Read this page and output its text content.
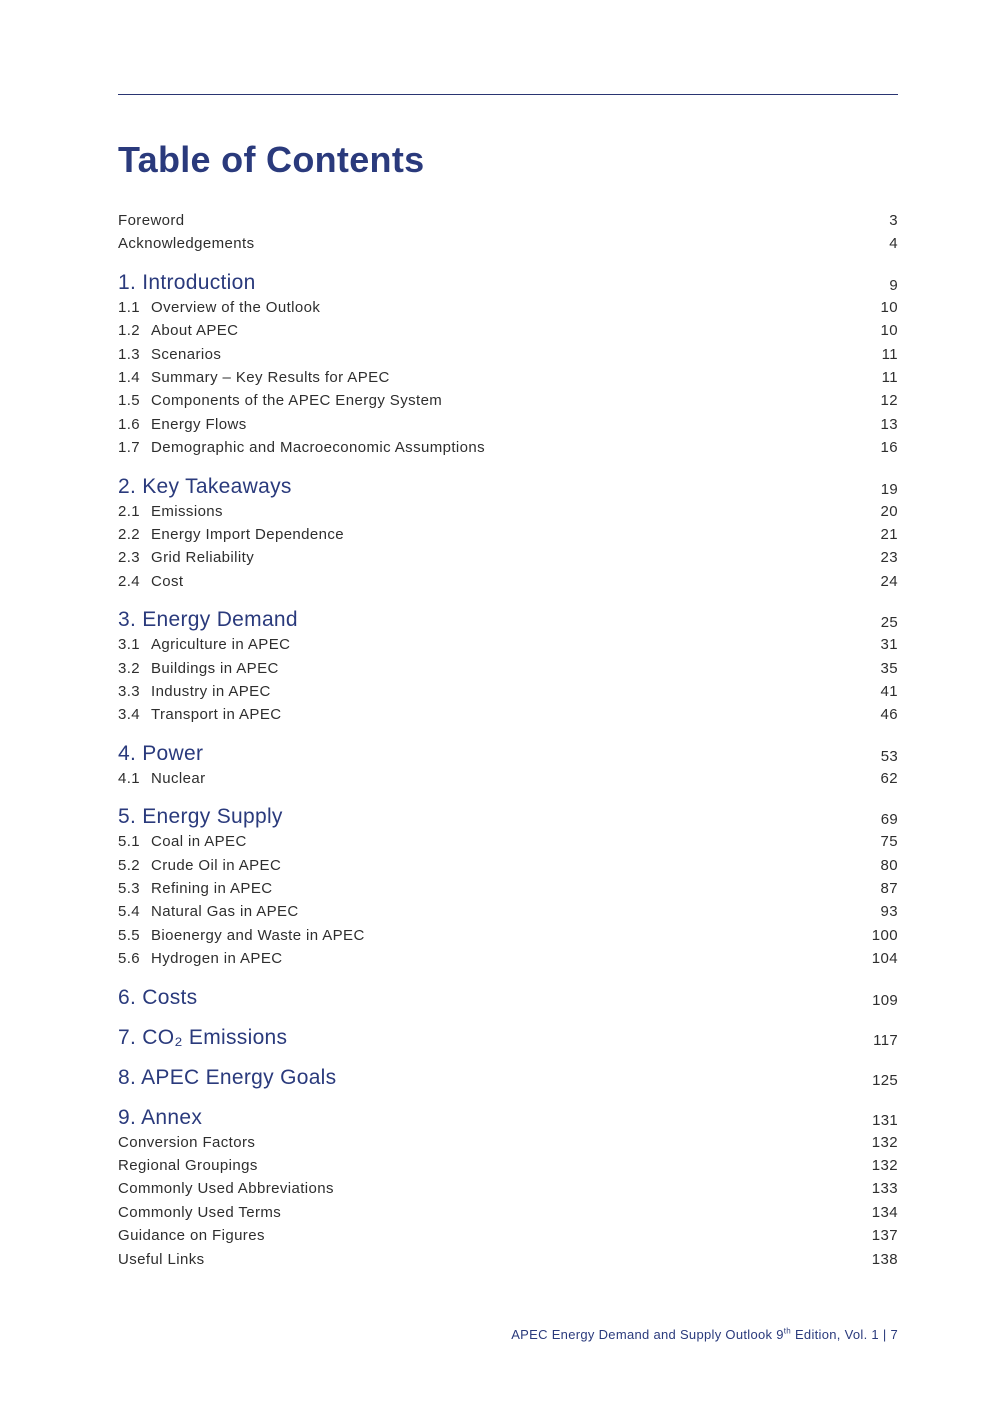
Table of Contents
Foreword	3
Acknowledgements	4
1. Introduction	9
1.1 Overview of the Outlook	10
1.2 About APEC	10
1.3 Scenarios	11
1.4 Summary – Key Results for APEC	11
1.5 Components of the APEC Energy System	12
1.6 Energy Flows	13
1.7 Demographic and Macroeconomic Assumptions	16
2. Key Takeaways	19
2.1 Emissions	20
2.2 Energy Import Dependence	21
2.3 Grid Reliability	23
2.4 Cost	24
3. Energy Demand	25
3.1 Agriculture in APEC	31
3.2 Buildings in APEC	35
3.3 Industry in APEC	41
3.4 Transport in APEC	46
4. Power	53
4.1 Nuclear	62
5. Energy Supply	69
5.1 Coal in APEC	75
5.2 Crude Oil in APEC	80
5.3 Refining in APEC	87
5.4 Natural Gas in APEC	93
5.5 Bioenergy and Waste in APEC	100
5.6 Hydrogen in APEC	104
6. Costs	109
7. CO₂ Emissions	117
8. APEC Energy Goals	125
9. Annex	131
Conversion Factors	132
Regional Groupings	132
Commonly Used Abbreviations	133
Commonly Used Terms	134
Guidance on Figures	137
Useful Links	138
APEC Energy Demand and Supply Outlook 9th Edition, Vol. 1 | 7
